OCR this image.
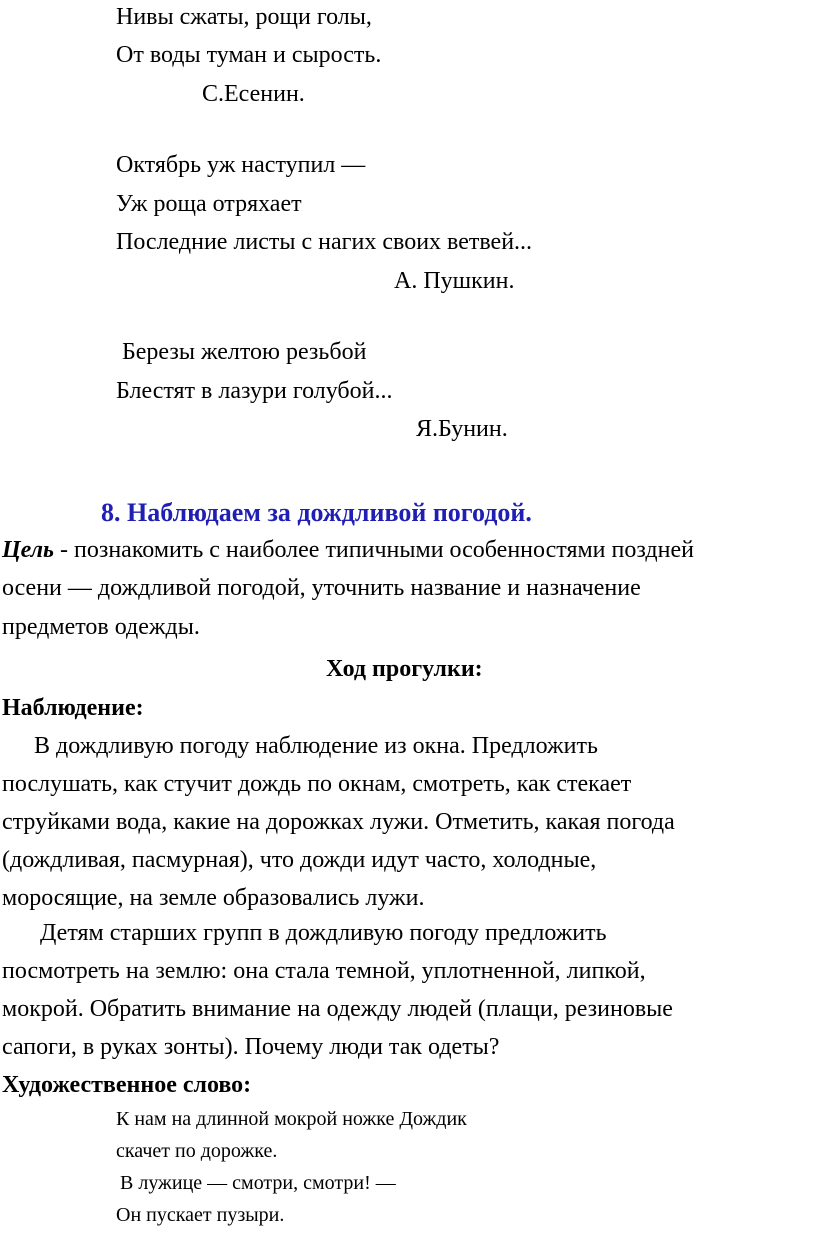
Нивы сжаты, рощи голы,
От воды туман и сырость.
С.Есенин.
Октябрь уж наступил —
Уж роща отряхает
Последние листы с нагих своих ветвей...
А. Пушкин.
Березы желтою резьбой
Блестят в лазури голубой...
Я.Бунин.
8. Наблюдаем за дождливой погодой.
Цель - познакомить с наиболее типичными особенностями поздней
осени — дождливой погодой, уточнить название и назначение
предметов одежды.
Ход прогулки:
Наблюдение:
В дождливую погоду наблюдение из окна. Предложить
послушать, как стучит дождь по окнам, смотреть, как стекает
струйками вода, какие на дорожках лужи. Отметить, какая погода
(дождливая, пасмурная), что дожди идут часто, холодные,
моросящие, на земле образовались лужи.
Детям старших групп в дождливую погоду предложить
посмотреть на землю: она стала темной, уплотненной, липкой,
мокрой. Обратить внимание на одежду людей (плащи, резиновые
сапоги, в руках зонты). Почему люди так одеты?
Художественное слово:
К нам на длинной мокрой ножке Дождик
скачет по дорожке.
В лужице — смотри, смотри! —
Он пускает пузыри.
